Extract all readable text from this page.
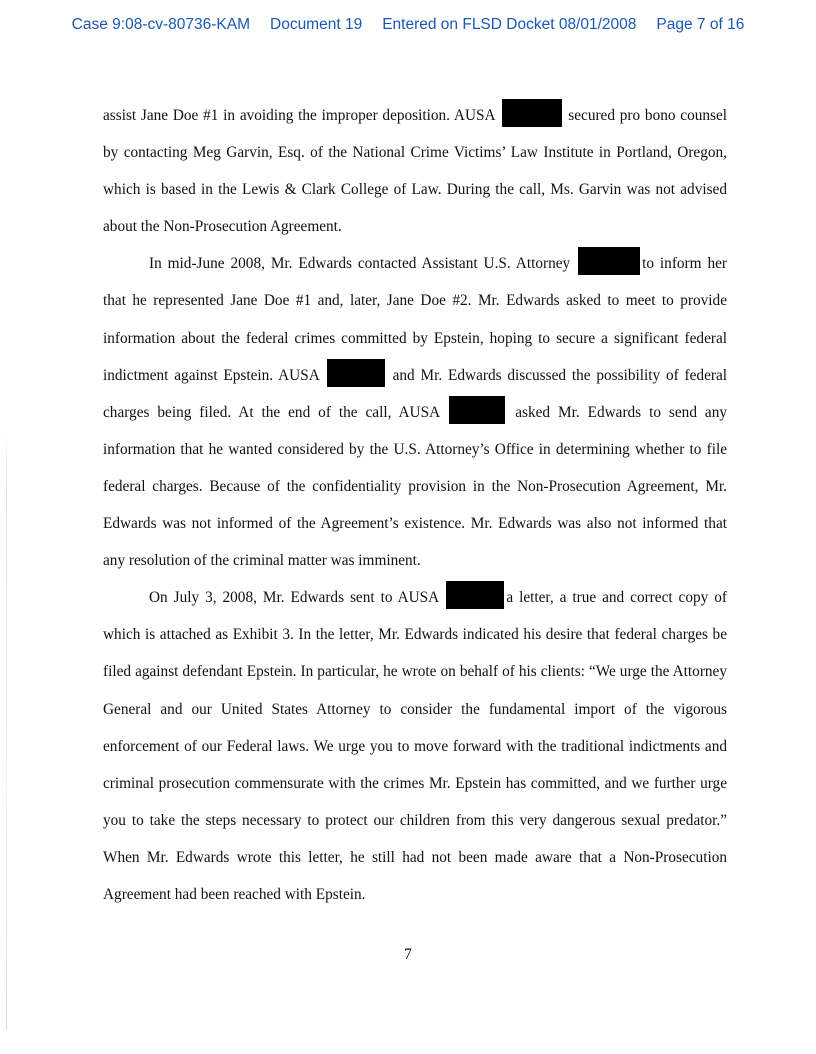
Case 9:08-cv-80736-KAM Document 19 Entered on FLSD Docket 08/01/2008 Page 7 of 16

assist Jane Doe #1 in avoiding the improper deposition. AUSA	secured pro bono counsel by contacting Meg Garvin, Esq. of the National Crime Victims’ Law Institute in Portland, Oregon, which is based in the Lewis & Clark College of Law. During the call, Ms. Garvin was not advised about the Non-Prosecution Agreement.

In mid-June 2008, Mr. Edwards contacted Assistant U.S. Attorney	to inform her that he represented Jane Doe #1 and, later, Jane Doe #2. Mr. Edwards asked to meet to provide information about the federal crimes committed by Epstein, hoping to secure a significant federal indictment against Epstein. AUSA	and Mr. Edwards discussed the possibility of federal charges being filed. At the end of the call, AUSA	asked Mr. Edwards to send any information that he wanted considered by the U.S. Attorney’s Office in determining whether to file federal charges. Because of the confidentiality provision in the Non-Prosecution Agreement, Mr. Edwards was not informed of the Agreement’s existence. Mr. Edwards was also not informed that any resolution of the criminal matter was imminent.

On July 3, 2008, Mr. Edwards sent to AUSA	a letter, a true and correct copy of which is attached as Exhibit 3. In the letter, Mr. Edwards indicated his desire that federal charges be filed against defendant Epstein. In particular, he wrote on behalf of his clients: “We urge the Attorney General and our United States Attorney to consider the fundamental import of the vigorous enforcement of our Federal laws. We urge you to move forward with the traditional indictments and criminal prosecution commensurate with the crimes Mr. Epstein has committed, and we further urge you to take the steps necessary to protect our children from this very dangerous sexual predator.” When Mr. Edwards wrote this letter, he still had not been made aware that a Non-Prosecution Agreement had been reached with Epstein.

7
